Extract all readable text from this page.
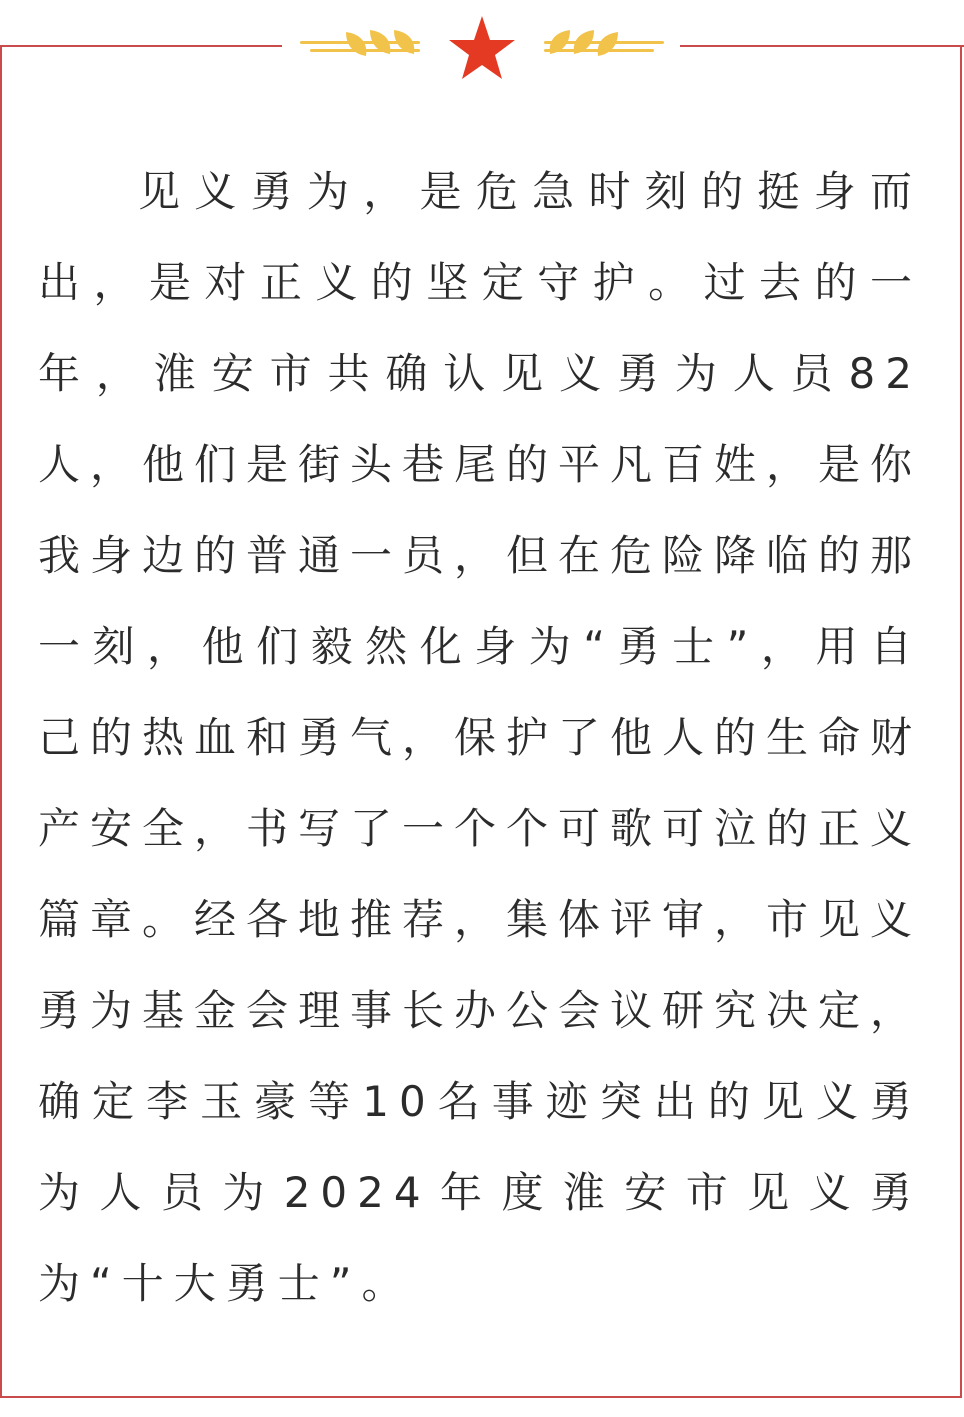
见义勇为，是危急时刻的挺身而出，是对正义的坚定守护。过去的一年，淮安市共确认见义勇为人员82人，他们是街头巷尾的平凡百姓，是你我身边的普通一员，但在危险降临的那一刻，他们毅然化身为“勇士”，用自己的热血和勇气，保护了他人的生命财产安全，书写了一个个可歌可泣的正义篇章。经各地推荐，集体评审，市见义勇为基金会理事长办公会议研究决定，确定李玉豪等10名事迹突出的见义勇为人员为2024年度淮安市见义勇为“十大勇士”。
